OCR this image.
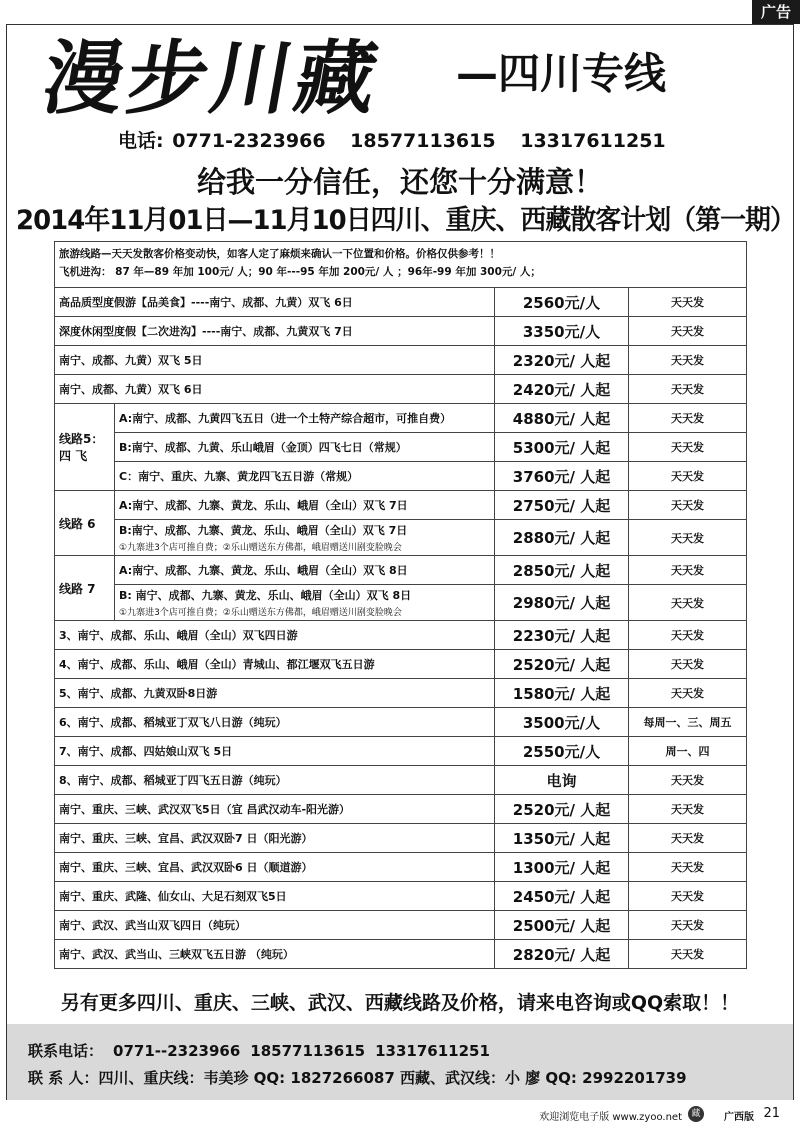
广告
漫步川藏 —四川专线
电话: 0771-2323966 18577113615 13317611251
给我一分信任，还您十分满意！
2014年11月01日—11月10日四川、重庆、西藏散客计划（第一期）
旅游线路—天天发散客价格变动快，如客人定了麻烦来确认一下位置和价格。价格仅供参考！！
飞机进沟： 87 年—89 年加 100元/ 人；90 年---95 年加 200元/ 人 ；96年-99 年加 300元/ 人；			

高品质型度假游【品美食】----南宁、成都、九黄）双飞 6日		2560元/人	天天发
深度休闲型度假【二次进沟】----南宁、成都、九黄双飞 7日		3350元/人	天天发
南宁、成都、九黄）双飞 5日		2320元/ 人起	天天发
南宁、成都、九黄）双飞 6日		2420元/ 人起	天天发
线路5：四 飞	A:南宁、成都、九黄四飞五日（进一个土特产综合超市，可推自费）	4880元/ 人起	天天发
	B:南宁、成都、九黄、乐山峨眉（金顶）四飞七日（常规）	5300元/ 人起	天天发
	C：南宁、重庆、九寨、黄龙四飞五日游（常规）	3760元/ 人起	天天发
线路 6	A:南宁、成都、九寨、黄龙、乐山、峨眉（全山）双飞 7日	2750元/ 人起	天天发
	B:南宁、成都、九寨、黄龙、乐山、峨眉（全山）双飞 7日
①九寨进3个店可推自费；②乐山赠送东方佛都，峨眉赠送川剧变脸晚会	2880元/ 人起	天天发
线路 7	A:南宁、成都、九寨、黄龙、乐山、峨眉（全山）双飞 8日	2850元/ 人起	天天发
	B: 南宁、成都、九寨、黄龙、乐山、峨眉（全山）双飞 8日
①九寨进3个店可推自费；②乐山赠送东方佛都，峨眉赠送川剧变脸晚会	2980元/ 人起	天天发
3、南宁、成都、乐山、峨眉（全山）双飞四日游		2230元/ 人起	天天发
4、南宁、成都、乐山、峨眉（全山）青城山、都江堰双飞五日游		2520元/ 人起	天天发
5、南宁、成都、九黄双卧8日游		1580元/ 人起	天天发
6、南宁、成都、稻城亚丁双飞八日游（纯玩）		3500元/人	每周一、三、周五
7、南宁、成都、四姑娘山双飞 5日		2550元/人	周一、四
8、南宁、成都、稻城亚丁四飞五日游（纯玩）		电询	天天发
南宁、重庆、三峡、武汉双飞5日（宜 昌武汉动车-阳光游）		2520元/ 人起	天天发
南宁、重庆、三峡、宜昌、武汉双卧7 日（阳光游）		1350元/ 人起	天天发
南宁、重庆、三峡、宜昌、武汉双卧6 日（顺道游）		1300元/ 人起	天天发
南宁、重庆、武隆、仙女山、大足石刻双飞5日		2450元/ 人起	天天发
南宁、武汉、武当山双飞四日（纯玩）		2500元/ 人起	天天发
南宁、武汉、武当山、三峡双飞五日游 （纯玩）		2820元/ 人起	天天发
另有更多四川、重庆、三峡、武汉、西藏线路及价格，请来电咨询或QQ索取！！
联系电话： 0771--2323966 18577113615 13317611251
联 系 人：四川、重庆线：韦美珍 QQ: 1827266087 西藏、武汉线：小 廖 QQ: 2992201739
欢迎浏览电子版 www.zyoo.net	藏	广西版 21
